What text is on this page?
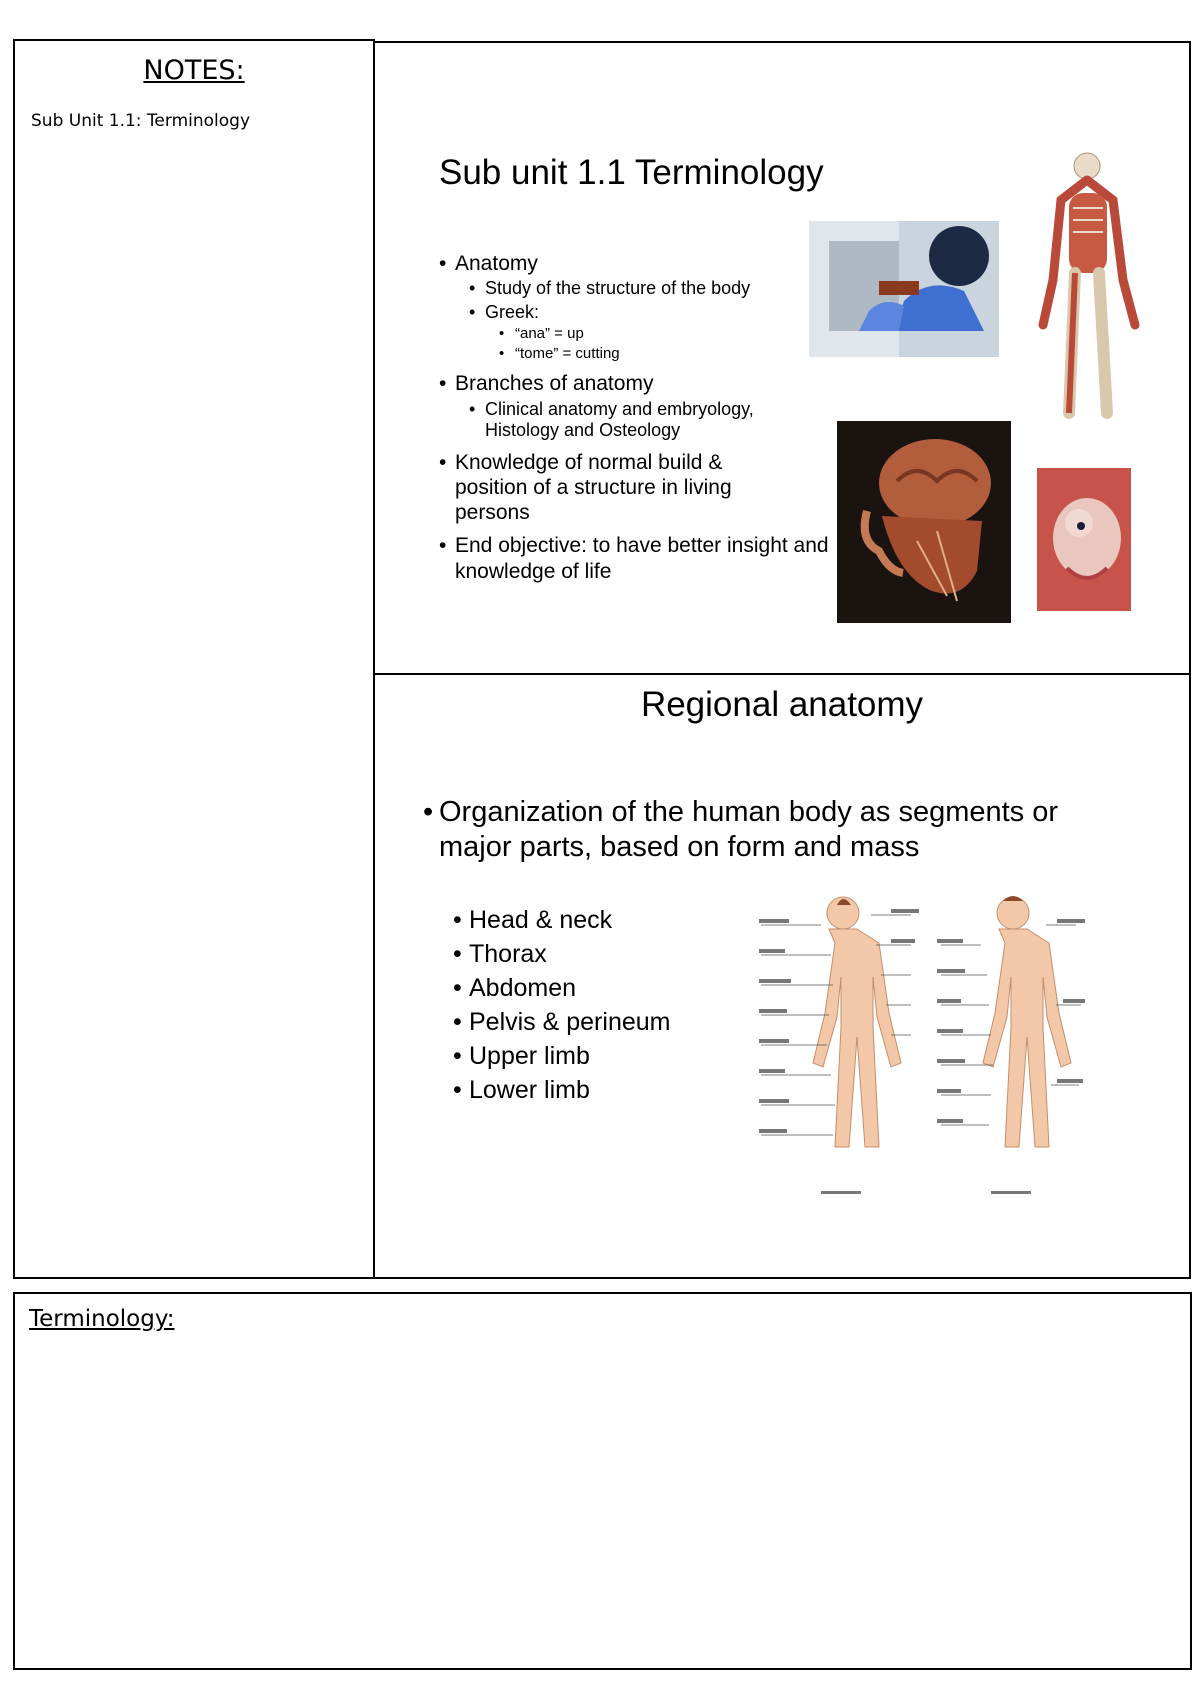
NOTES:
Sub Unit 1.1: Terminology
Sub unit 1.1 Terminology
• Anatomy
• Study of the structure of the body
• Greek:
• “ana” = up
• “tome” = cutting
• Branches of anatomy
• Clinical anatomy and embryology, Histology and Osteology
• Knowledge of normal build & position of a structure in living persons
• End objective: to have better insight and knowledge of life
Regional anatomy
• Organization of the human body as segments or major parts, based on form and mass
• Head & neck
• Thorax
• Abdomen
• Pelvis & perineum
• Upper limb
• Lower limb
Terminology:
